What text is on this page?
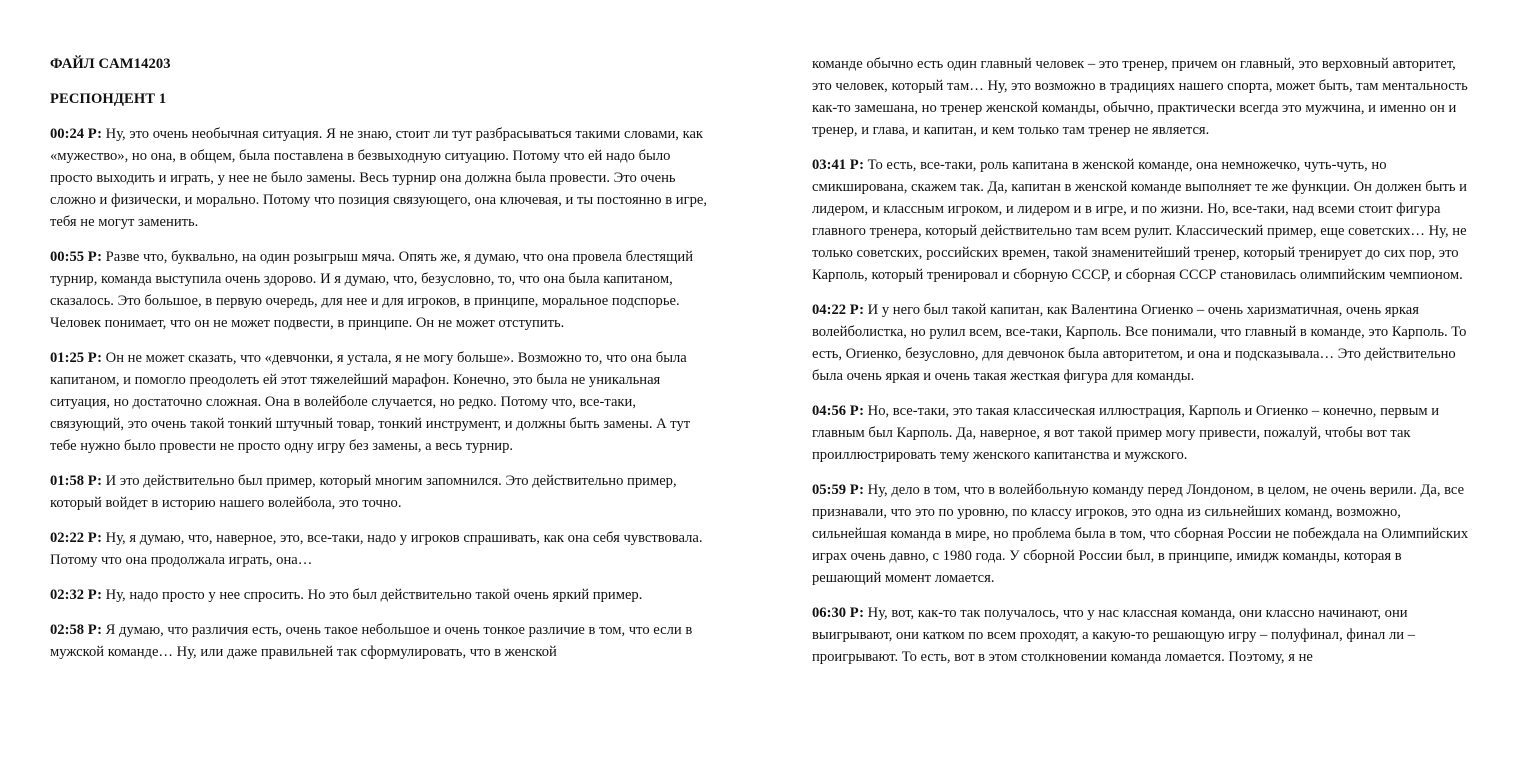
ФАЙЛ CAM14203
РЕСПОНДЕНТ 1

00:24 Р: Ну, это очень необычная ситуация. Я не знаю, стоит ли тут разбрасываться такими словами, как «мужество», но она, в общем, была поставлена в безвыходную ситуацию. Потому что ей надо было просто выходить и играть, у нее не было замены. Весь турнир она должна была провести. Это очень сложно и физически, и морально. Потому что позиция связующего, она ключевая, и ты постоянно в игре, тебя не могут заменить.

00:55 Р: Разве что, буквально, на один розыгрыш мяча. Опять же, я думаю, что она провела блестящий турнир, команда выступила очень здорово. И я думаю, что, безусловно, то, что она была капитаном, сказалось. Это большое, в первую очередь, для нее и для игроков, в принципе, моральное подспорье. Человек понимает, что он не может подвести, в принципе. Он не может отступить.

01:25 Р: Он не может сказать, что «девчонки, я устала, я не могу больше». Возможно то, что она была капитаном, и помогло преодолеть ей этот тяжелейший марафон. Конечно, это была не уникальная ситуация, но достаточно сложная. Она в волейболе случается, но редко. Потому что, все-таки, связующий, это очень такой тонкий штучный товар, тонкий инструмент, и должны быть замены. А тут тебе нужно было провести не просто одну игру без замены, а весь турнир.

01:58 Р: И это действительно был пример, который многим запомнился. Это действительно пример, который войдет в историю нашего волейбола, это точно.

02:22 Р: Ну, я думаю, что, наверное, это, все-таки, надо у игроков спрашивать, как она себя чувствовала. Потому что она продолжала играть, она…

02:32 Р: Ну, надо просто у нее спросить. Но это был действительно такой очень яркий пример.

02:58 Р: Я думаю, что различия есть, очень такое небольшое и очень тонкое различие в том, что если в мужской команде… Ну, или даже правильней так сформулировать, что в женской

команде обычно есть один главный человек – это тренер, причем он главный, это верховный авторитет, это человек, который там… Ну, это возможно в традициях нашего спорта, может быть, там ментальность как-то замешана, но тренер женской команды, обычно, практически всегда это мужчина, и именно он и тренер, и глава, и капитан, и кем только там тренер не является.

03:41 Р: То есть, все-таки, роль капитана в женской команде, она немножечко, чуть-чуть, но смикширована, скажем так. Да, капитан в женской команде выполняет те же функции. Он должен быть и лидером, и классным игроком, и лидером и в игре, и по жизни. Но, все-таки, над всеми стоит фигура главного тренера, который действительно там всем рулит. Классический пример, еще советских… Ну, не только советских, российских времен, такой знаменитейший тренер, который тренирует до сих пор, это Карполь, который тренировал и сборную СССР, и сборная СССР становилась олимпийским чемпионом.

04:22 Р: И у него был такой капитан, как Валентина Огиенко – очень харизматичная, очень яркая волейболистка, но рулил всем, все-таки, Карполь. Все понимали, что главный в команде, это Карполь. То есть, Огиенко, безусловно, для девчонок была авторитетом, и она и подсказывала… Это действительно была очень яркая и очень такая жесткая фигура для команды.

04:56 Р: Но, все-таки, это такая классическая иллюстрация, Карполь и Огиенко – конечно, первым и главным был Карполь. Да, наверное, я вот такой пример могу привести, пожалуй, чтобы вот так проиллюстрировать тему женского капитанства и мужского.

05:59 Р: Ну, дело в том, что в волейбольную команду перед Лондоном, в целом, не очень верили. Да, все признавали, что это по уровню, по классу игроков, это одна из сильнейших команд, возможно, сильнейшая команда в мире, но проблема была в том, что сборная России не побеждала на Олимпийских играх очень давно, с 1980 года. У сборной России был, в принципе, имидж команды, которая в решающий момент ломается.

06:30 Р: Ну, вот, как-то так получалось, что у нас классная команда, они классно начинают, они выигрывают, они катком по всем проходят, а какую-то решающую игру – полуфинал, финал ли – проигрывают. То есть, вот в этом столкновении команда ломается. Поэтому, я не
